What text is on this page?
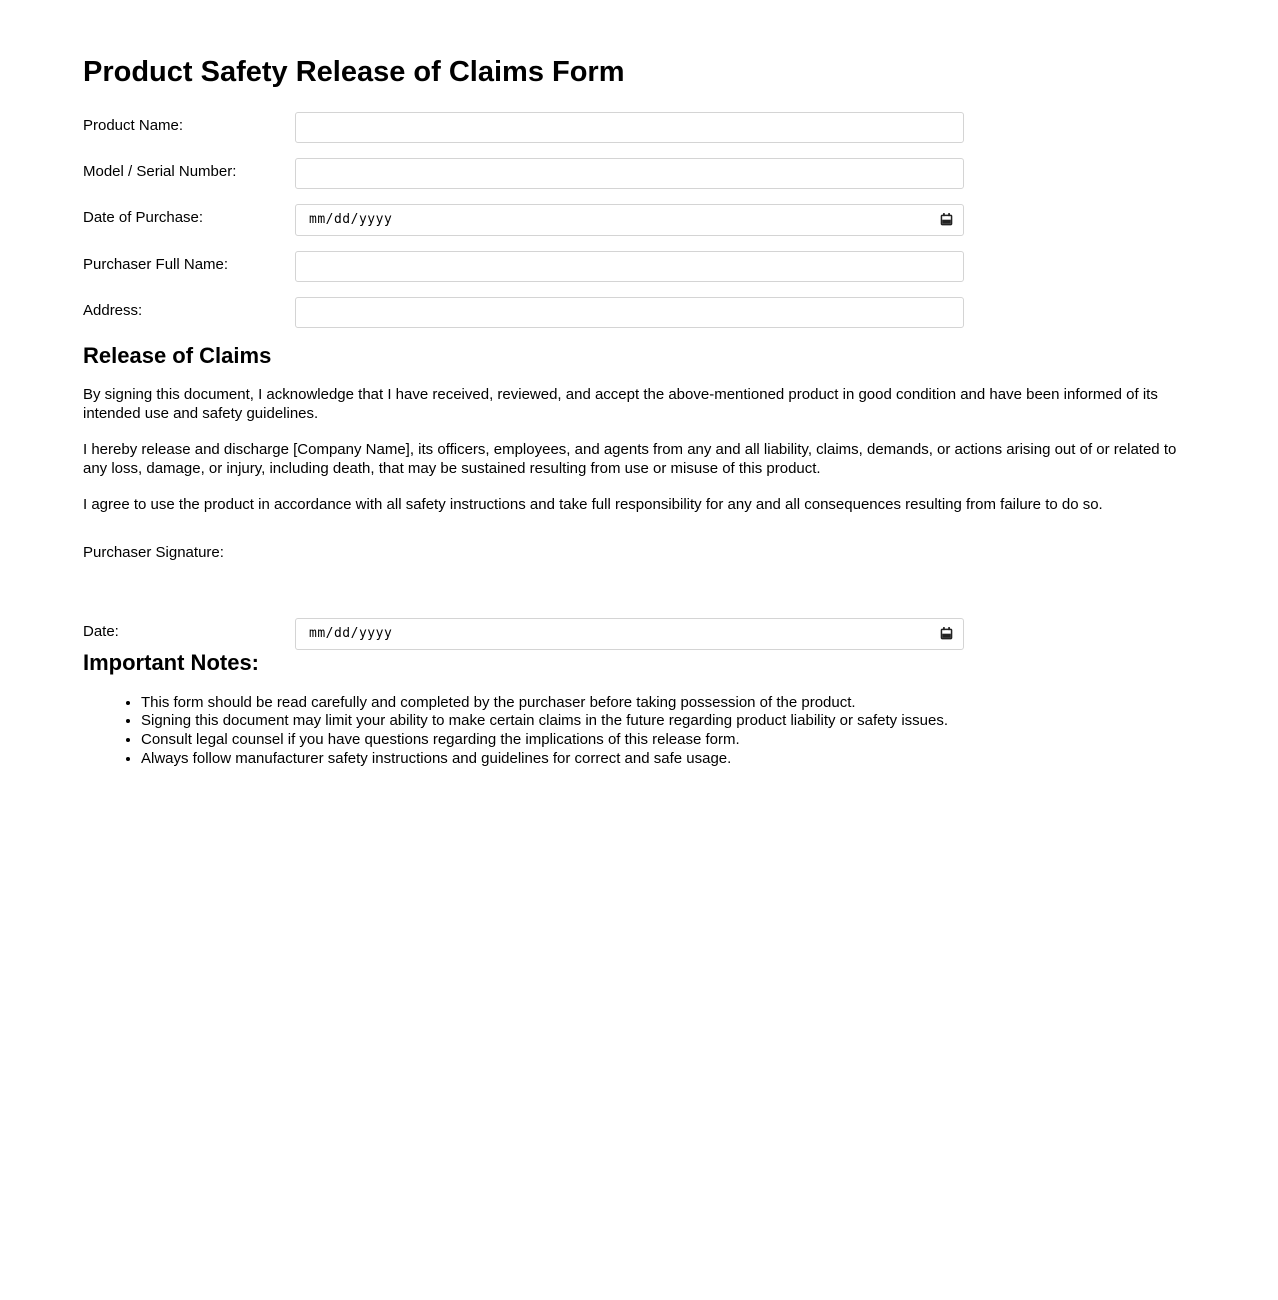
Product Safety Release of Claims Form
Product Name:
Model / Serial Number:
Date of Purchase:	mm/dd/yyyy
Purchaser Full Name:
Address:
Release of Claims

By signing this document, I acknowledge that I have received, reviewed, and accept the above-mentioned product in good condition and have been informed of its intended use and safety guidelines.

I hereby release and discharge [Company Name], its officers, employees, and agents from any and all liability, claims, demands, or actions arising out of or related to any loss, damage, or injury, including death, that may be sustained resulting from use or misuse of this product.

I agree to use the product in accordance with all safety instructions and take full responsibility for any and all consequences resulting from failure to do so.

Purchaser Signature:
Date:	mm/dd/yyyy
Important Notes:
• This form should be read carefully and completed by the purchaser before taking possession of the product.
• Signing this document may limit your ability to make certain claims in the future regarding product liability or safety issues.
• Consult legal counsel if you have questions regarding the implications of this release form.
• Always follow manufacturer safety instructions and guidelines for correct and safe usage.
